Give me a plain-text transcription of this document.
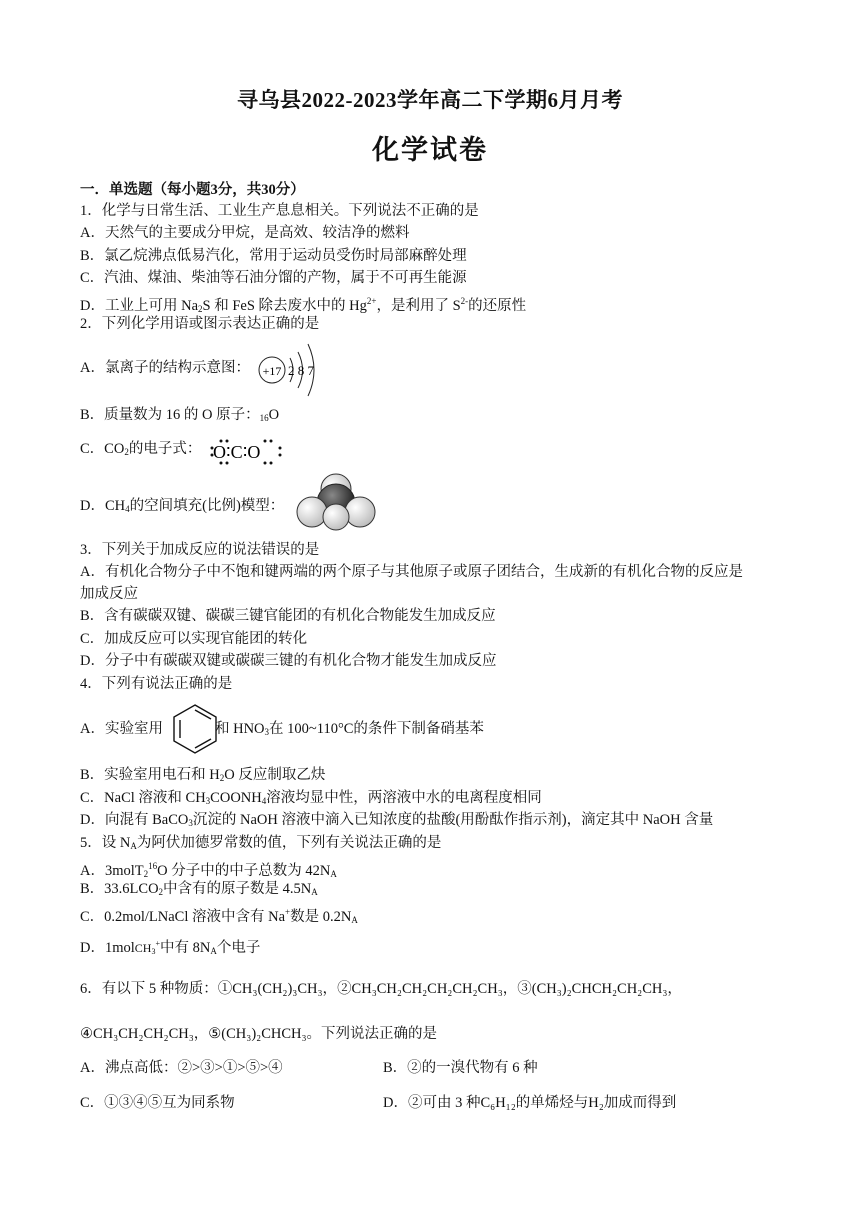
寻乌县2022-2023学年高二下学期6月月考
化学试卷
一．单选题（每小题3分，共30分）
1．化学与日常生活、工业生产息息相关。下列说法不正确的是
A．天然气的主要成分甲烷，是高效、较洁净的燃料
B．氯乙烷沸点低易汽化，常用于运动员受伤时局部麻醉处理
C．汽油、煤油、柴油等石油分馏的产物，属于不可再生能源
D．工业上可用 $Na_2S$ 和 FeS 除去废水中的 $Hg^{2+}$，是利用了 $S^{2-}$的还原性
2．下列化学用语或图示表达正确的是
A．氯离子的结构示意图： +17 2 8 7
B．质量数为 16 的 O 原子：$_{16}$O
C．$CO_2$的电子式： O∶C∶O
D．$CH_4$的空间填充(比例)模型：
3．下列关于加成反应的说法错误的是
A．有机化合物分子中不饱和键两端的两个原子与其他原子或原子团结合，生成新的有机化合物的反应是
加成反应
B．含有碳碳双键、碳碳三键官能团的有机化合物能发生加成反应
C．加成反应可以实现官能团的转化
D．分子中有碳碳双键或碳碳三键的有机化合物才能发生加成反应
4．下列有说法正确的是
A．实验室用	和 $HNO_3$在 100~110°C的条件下制备硝基苯
B．实验室用电石和 $H_2O$ 反应制取乙炔
C．NaCl 溶液和 $CH_3COONH_4$溶液均显中性，两溶液中水的电离程度相同
D．向混有 BaCO$_3$沉淀的 NaOH 溶液中滴入已知浓度的盐酸(用酚酞作指示剂)，滴定其中 NaOH 含量
5．设 $N_A$为阿伏加德罗常数的值，下列有关说法正确的是
A．3molT$_2^{16}$O 分子中的中子总数为 $42N_A$
B．$33.6LCO_2$中含有的原子数是 $4.5N_A$
C．0.2mol/LNaCl 溶液中含有 Na+数是 $0.2N_A$
D．1molCH$_3$+中有 $8N_A$个电子
6．有以下 5 种物质：①CH₃(CH₂)₃CH₃，②CH₃CH₂CH₂CH₂CH₂CH₃，③(CH₃)₂CHCH₂CH₂CH₃，
④CH₃CH₂CH₂CH₃，⑤(CH₃)₂CHCH₃。下列说法正确的是
A．沸点高低：②>③>①>⑤>④	B．②的一溴代物有 6 种
C．①③④⑤互为同系物	D．②可由 3 种C₆H₁₂的单烯烃与H₂加成而得到
